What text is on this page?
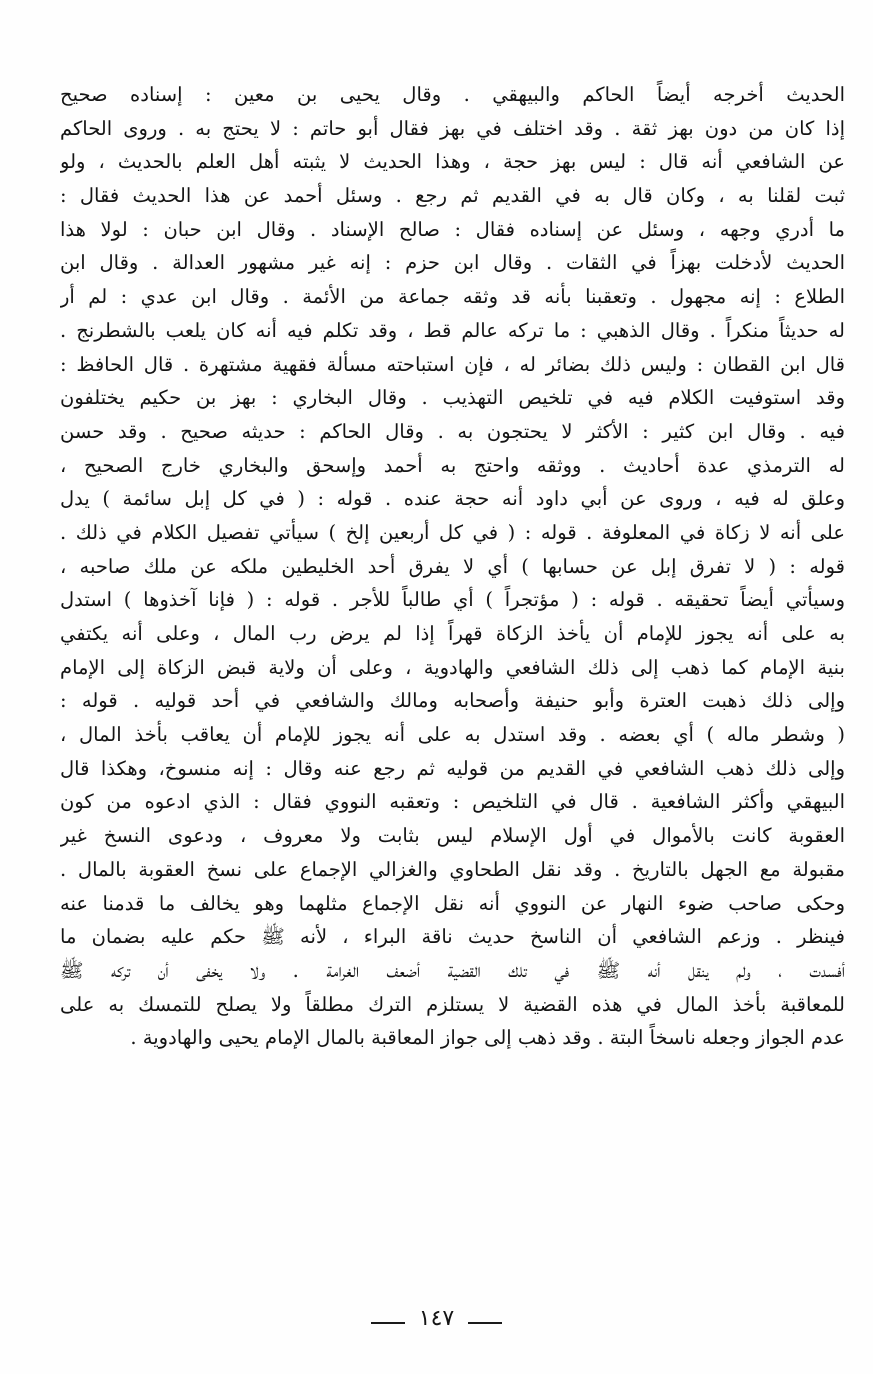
الحديث أخرجه أيضاً الحاكم والبيهقي . وقال يحيى بن معين : إسناده صحيح
إذا كان من دون بهز ثقة . وقد اختلف في بهز فقال أبو حاتم : لا يحتج به . وروى الحاكم
عن الشافعي أنه قال : ليس بهز حجة ، وهذا الحديث لا يثبته أهل العلم بالحديث ، ولو
ثبت لقلنا به ، وكان قال به في القديم ثم رجع . وسئل أحمد عن هذا الحديث فقال :
ما أدري وجهه ، وسئل عن إسناده فقال : صالح الإسناد . وقال ابن حبان : لولا هذا
الحديث لأدخلت بهزاً في الثقات . وقال ابن حزم : إنه غير مشهور العدالة . وقال ابن
الطلاع : إنه مجهول . وتعقبنا بأنه قد وثقه جماعة من الأئمة . وقال ابن عدي : لم أر
له حديثاً منكراً . وقال الذهبي : ما تركه عالم قط ، وقد تكلم فيه أنه كان يلعب بالشطرنج .
قال ابن القطان : وليس ذلك بضائر له ، فإن استباحته مسألة فقهية مشتهرة . قال الحافظ :
وقد استوفيت الكلام فيه في تلخيص التهذيب . وقال البخاري : بهز بن حكيم يختلفون
فيه . وقال ابن كثير : الأكثر لا يحتجون به . وقال الحاكم : حديثه صحيح . وقد حسن
له الترمذي عدة أحاديث . ووثقه واحتج به أحمد وإسحق والبخاري خارج الصحيح ،
وعلق له فيه ، وروى عن أبي داود أنه حجة عنده . قوله : ( في كل إبل سائمة ) يدل
على أنه لا زكاة في المعلوفة . قوله : ( في كل أربعين إلخ ) سيأتي تفصيل الكلام في ذلك .
قوله : ( لا تفرق إبل عن حسابها ) أي لا يفرق أحد الخليطين ملكه عن ملك صاحبه ،
وسيأتي أيضاً تحقيقه . قوله : ( مؤتجراً ) أي طالباً للأجر . قوله : ( فإنا آخذوها ) استدل
به على أنه يجوز للإمام أن يأخذ الزكاة قهراً إذا لم يرض رب المال ، وعلى أنه يكتفي
بنية الإمام كما ذهب إلى ذلك الشافعي والهادوية ، وعلى أن ولاية قبض الزكاة إلى الإمام
وإلى ذلك ذهبت العترة وأبو حنيفة وأصحابه ومالك والشافعي في أحد قوليه . قوله :
( وشطر ماله ) أي بعضه . وقد استدل به على أنه يجوز للإمام أن يعاقب بأخذ المال ،
وإلى ذلك ذهب الشافعي في القديم من قوليه ثم رجع عنه وقال : إنه منسوخ، وهكذا قال
البيهقي وأكثر الشافعية . قال في التلخيص : وتعقبه النووي فقال : الذي ادعوه من كون
العقوبة كانت بالأموال في أول الإسلام ليس بثابت ولا معروف ، ودعوى النسخ غير
مقبولة مع الجهل بالتاريخ . وقد نقل الطحاوي والغزالي الإجماع على نسخ العقوبة بالمال .
وحكى صاحب ضوء النهار عن النووي أنه نقل الإجماع مثلهما وهو يخالف ما قدمنا عنه
فينظر . وزعم الشافعي أن الناسخ حديث ناقة البراء ، لأنه ﷺ حكم عليه بضمان ما
أفسدت ، ولم ينقل أنه ﷺ في تلك القضية أضعف الغرامة . ولا يخفى أن تركه ﷺ
للمعاقبة بأخذ المال في هذه القضية لا يستلزم الترك مطلقاً ولا يصلح للتمسك به على
عدم الجواز وجعله ناسخاً البتة . وقد ذهب إلى جواز المعاقبة بالمال الإمام يحيى والهادوية .
١٤٧
